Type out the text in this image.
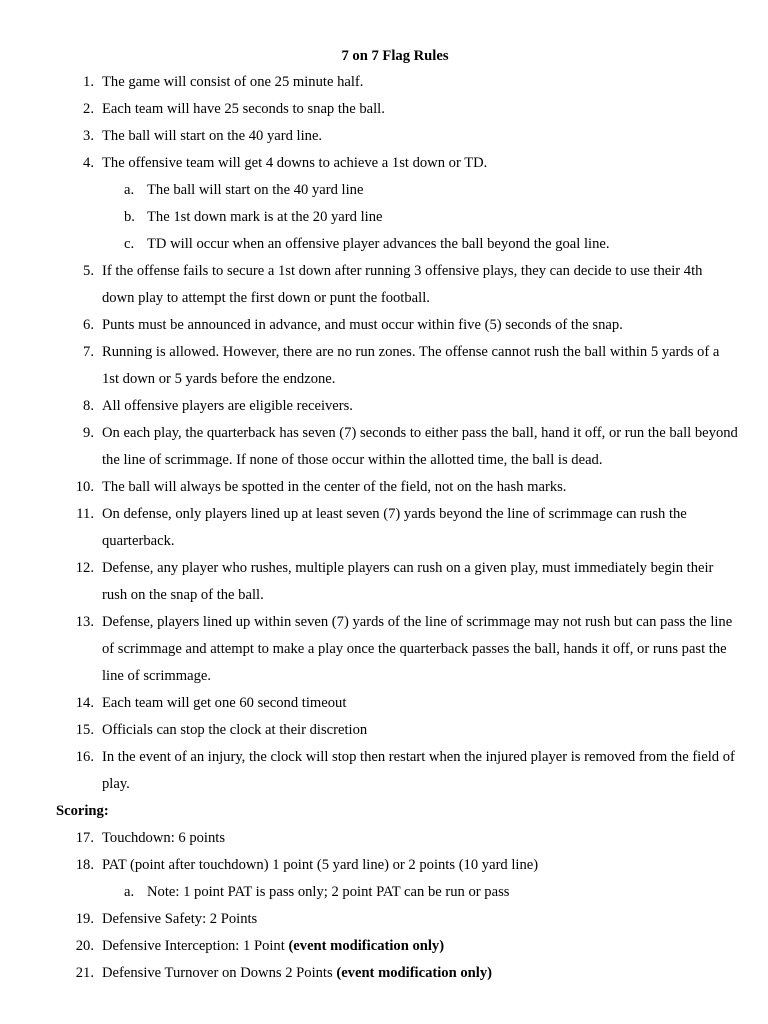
7 on 7 Flag Rules
1. The game will consist of one 25 minute half.
2. Each team will have 25 seconds to snap the ball.
3. The ball will start on the 40 yard line.
4. The offensive team will get 4 downs to achieve a 1st down or TD.
a. The ball will start on the 40 yard line
b. The 1st down mark is at the 20 yard line
c. TD will occur when an offensive player advances the ball beyond the goal line.
5. If the offense fails to secure a 1st down after running 3 offensive plays, they can decide to use their 4th down play to attempt the first down or punt the football.
6. Punts must be announced in advance, and must occur within five (5) seconds of the snap.
7. Running is allowed. However, there are no run zones. The offense cannot rush the ball within 5 yards of a 1st down or 5 yards before the endzone.
8. All offensive players are eligible receivers.
9. On each play, the quarterback has seven (7) seconds to either pass the ball, hand it off, or run the ball beyond the line of scrimmage. If none of those occur within the allotted time, the ball is dead.
10. The ball will always be spotted in the center of the field, not on the hash marks.
11. On defense, only players lined up at least seven (7) yards beyond the line of scrimmage can rush the quarterback.
12. Defense, any player who rushes, multiple players can rush on a given play, must immediately begin their rush on the snap of the ball.
13. Defense, players lined up within seven (7) yards of the line of scrimmage may not rush but can pass the line of scrimmage and attempt to make a play once the quarterback passes the ball, hands it off, or runs past the line of scrimmage.
14. Each team will get one 60 second timeout
15. Officials can stop the clock at their discretion
16. In the event of an injury, the clock will stop then restart when the injured player is removed from the field of play.
Scoring:
17. Touchdown: 6 points
18. PAT (point after touchdown) 1 point (5 yard line) or 2 points (10 yard line)
a. Note: 1 point PAT is pass only; 2 point PAT can be run or pass
19. Defensive Safety: 2 Points
20. Defensive Interception: 1 Point (event modification only)
21. Defensive Turnover on Downs 2 Points (event modification only)
